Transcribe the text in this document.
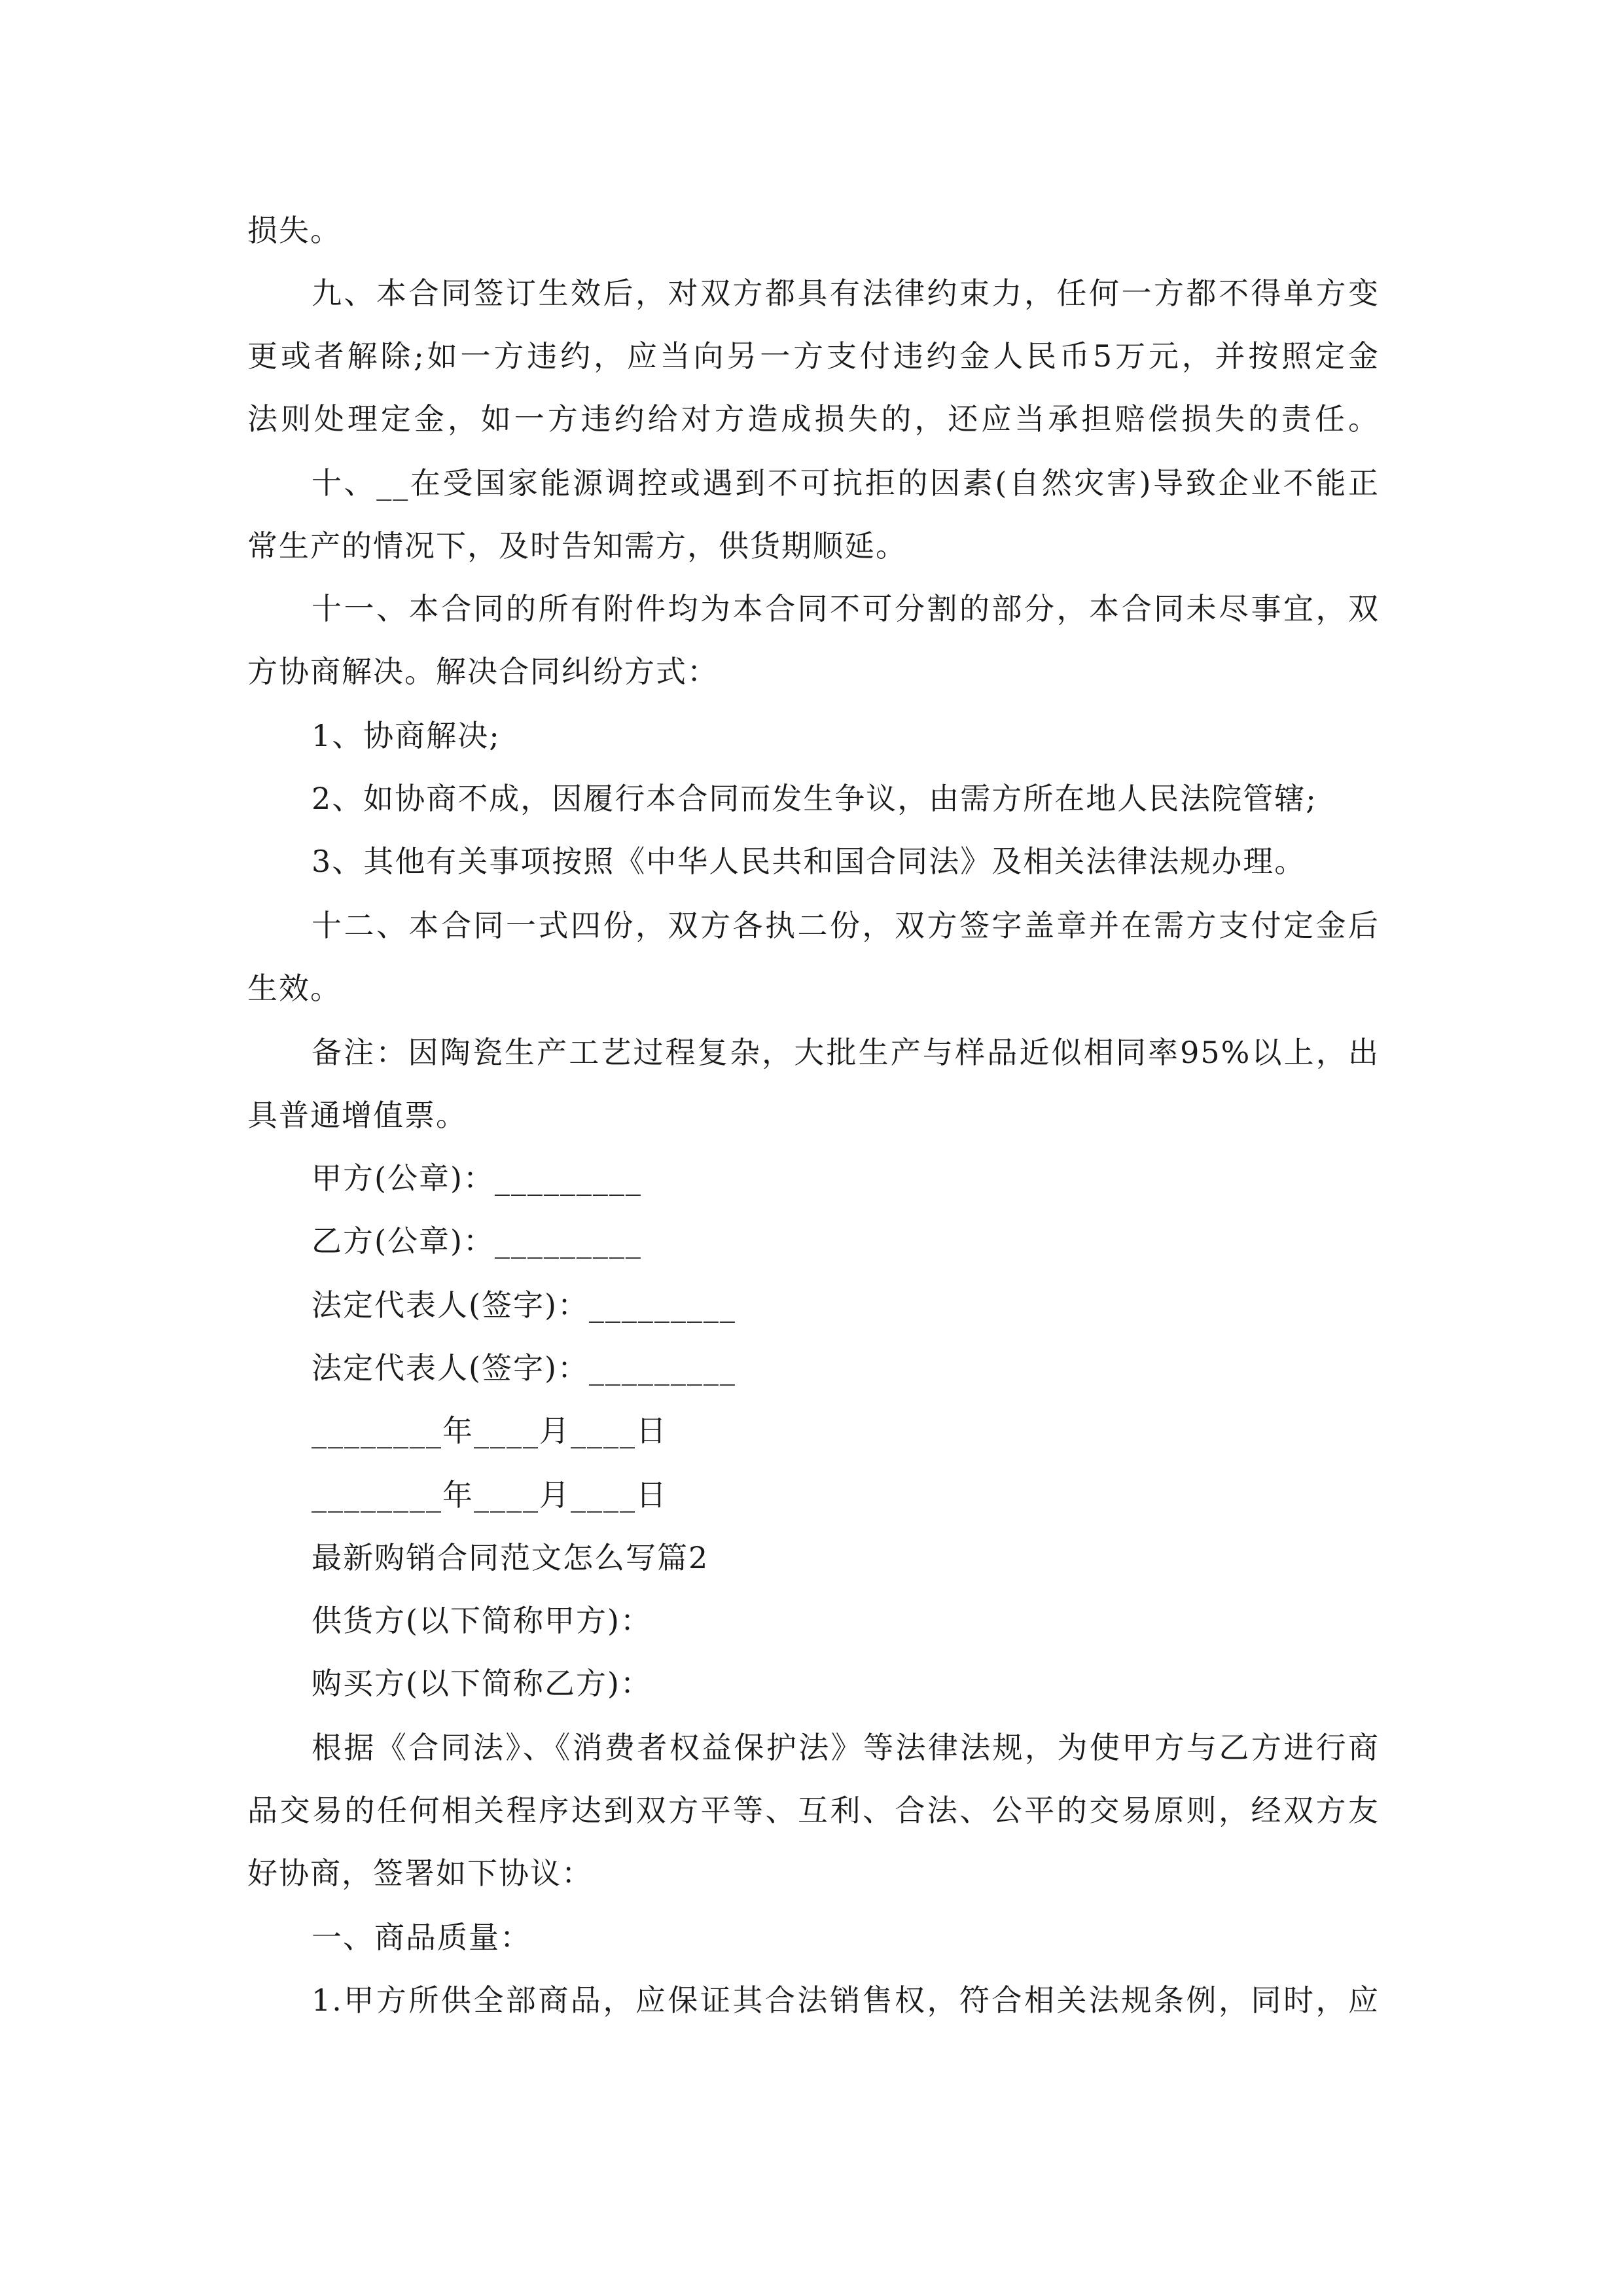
损失。
九、本合同签订生效后，对双方都具有法律约束力，任何一方都不得单方变
更或者解除;如一方违约，应当向另一方支付违约金人民币5万元，并按照定金
法则处理定金，如一方违约给对方造成损失的，还应当承担赔偿损失的责任。
十、__在受国家能源调控或遇到不可抗拒的因素(自然灾害)导致企业不能正
常生产的情况下，及时告知需方，供货期顺延。
十一、本合同的所有附件均为本合同不可分割的部分，本合同未尽事宜，双
方协商解决。解决合同纠纷方式：
1、协商解决;
2、如协商不成，因履行本合同而发生争议，由需方所在地人民法院管辖;
3、其他有关事项按照《中华人民共和国合同法》及相关法律法规办理。
十二、本合同一式四份，双方各执二份，双方签字盖章并在需方支付定金后
生效。
备注：因陶瓷生产工艺过程复杂，大批生产与样品近似相同率95%以上，出
具普通增值票。
甲方(公章)：_________
乙方(公章)：_________
法定代表人(签字)：_________
法定代表人(签字)：_________
________年____月____日
________年____月____日
最新购销合同范文怎么写篇2
供货方(以下简称甲方)：
购买方(以下简称乙方)：
根据《合同法》、《消费者权益保护法》等法律法规，为使甲方与乙方进行商
品交易的任何相关程序达到双方平等、互利、合法、公平的交易原则，经双方友
好协商，签署如下协议：
一、商品质量：
1.甲方所供全部商品，应保证其合法销售权，符合相关法规条例，同时，应
